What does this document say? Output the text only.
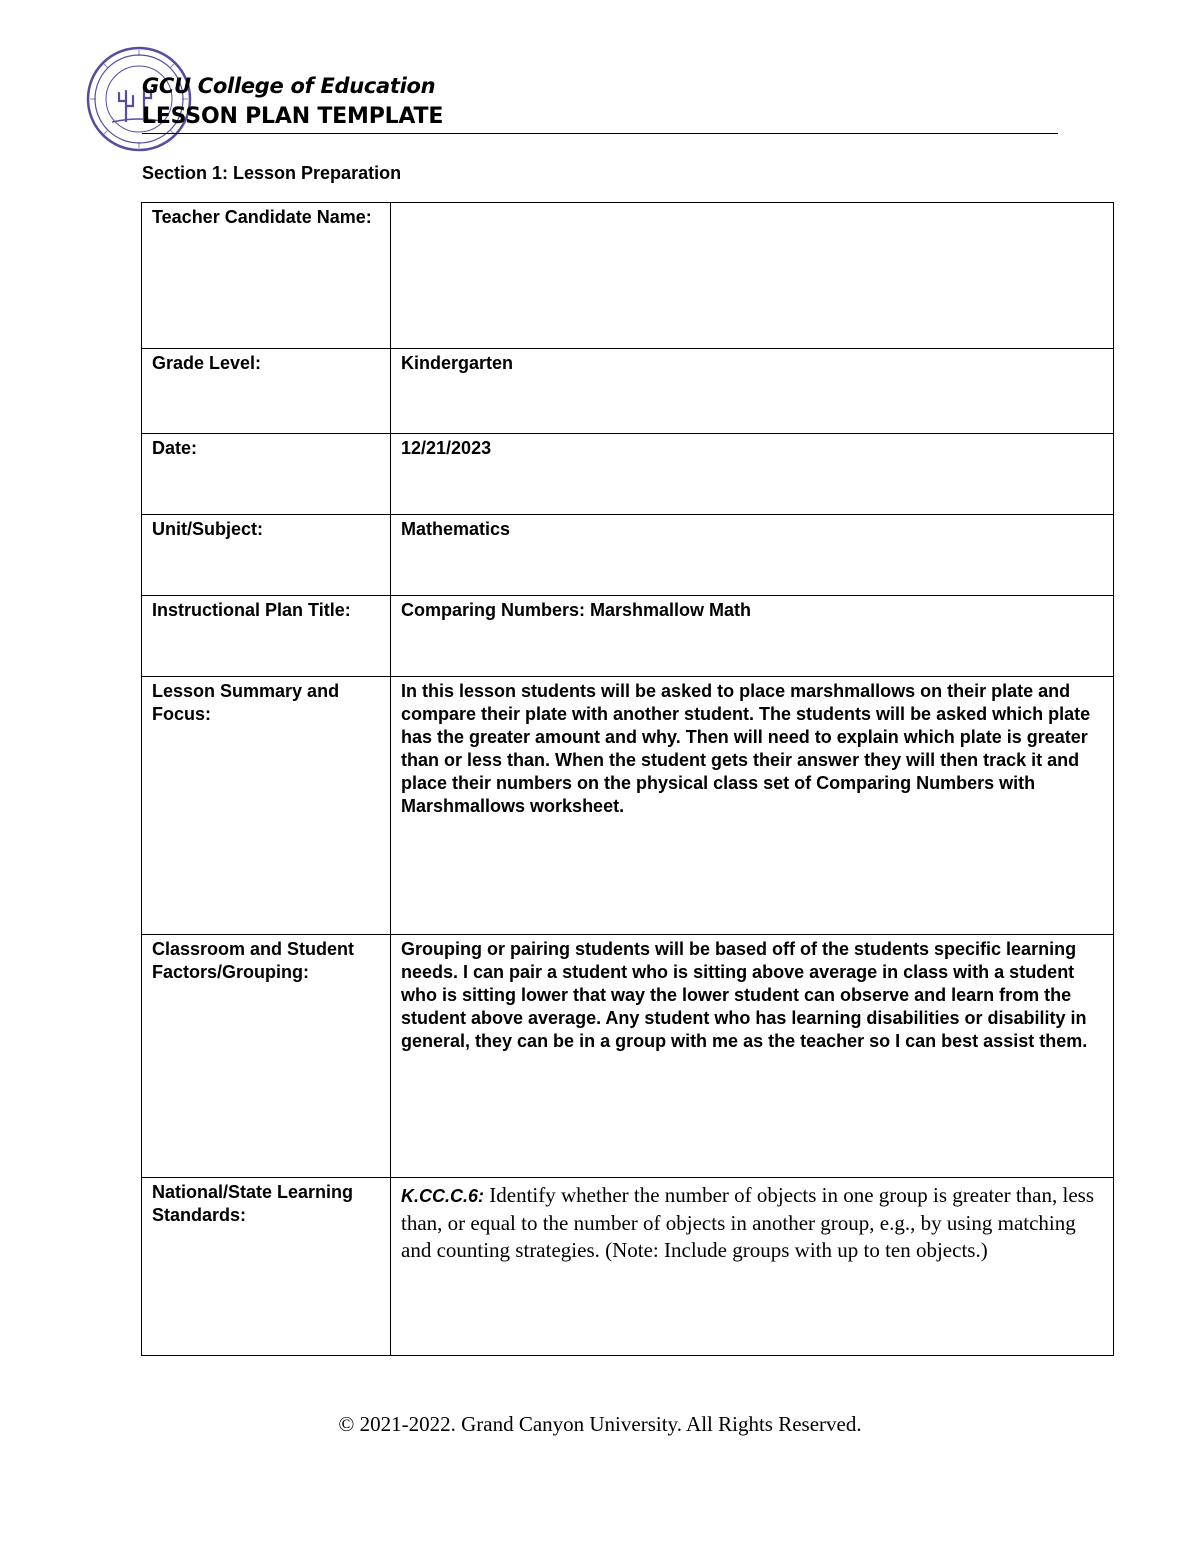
GCU College of Education
LESSON PLAN TEMPLATE
Section 1: Lesson Preparation
Teacher Candidate Name:	
Grade Level:	Kindergarten
Date:	12/21/2023
Unit/Subject:	Mathematics
Instructional Plan Title:	Comparing Numbers: Marshmallow Math
Lesson Summary and Focus:	In this lesson students will be asked to place marshmallows on their plate and compare their plate with another student. The students will be asked which plate has the greater amount and why. Then will need to explain which plate is greater than or less than. When the student gets their answer they will then track it and place their numbers on the physical class set of Comparing Numbers with Marshmallows worksheet.
Classroom and Student Factors/Grouping:	Grouping or pairing students will be based off of the students specific learning needs. I can pair a student who is sitting above average in class with a student who is sitting lower that way the lower student can observe and learn from the student above average. Any student who has learning disabilities or disability in general, they can be in a group with me as the teacher so I can best assist them.
National/State Learning Standards:	K.CC.C.6: Identify whether the number of objects in one group is greater than, less than, or equal to the number of objects in another group, e.g., by using matching and counting strategies. (Note: Include groups with up to ten objects.)
© 2021-2022. Grand Canyon University. All Rights Reserved.
